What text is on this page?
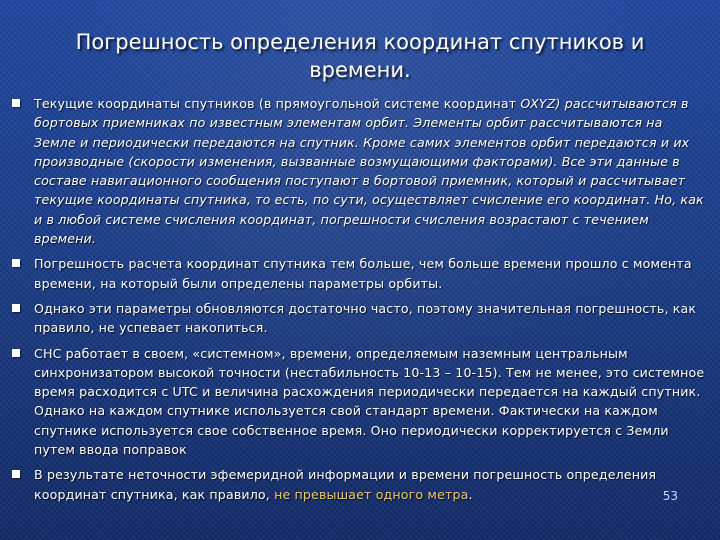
Погрешность определения координат спутников и времени.
Текущие координаты спутников (в прямоугольной системе координат OXYZ) рассчитываются в бортовых приемниках по известным элементам орбит. Элементы орбит рассчитываются на Земле и периодически передаются на спутник. Кроме самих элементов орбит передаются и их производные (скорости изменения, вызванные возмущающими факторами). Все эти данные в составе навигационного сообщения поступают в бортовой приемник, который и рассчитывает текущие координаты спутника, то есть, по сути, осуществляет счисление его координат. Но, как и в любой системе счисления координат, погрешности счисления возрастают с течением времени.
Погрешность расчета координат спутника тем больше, чем больше времени прошло с момента времени, на который были определены параметры орбиты.
Однако эти параметры обновляются достаточно часто, поэтому значительная погрешность, как правило, не успевает накопиться.
СНС работает в своем, «системном», времени, определяемым наземным центральным синхронизатором высокой точности (нестабильность 10-13 – 10-15). Тем не менее, это системное время расходится с UTC и величина расхождения периодически передается на каждый спутник. Однако на каждом спутнике используется свой стандарт времени. Фактически на каждом спутнике используется свое собственное время. Оно периодически корректируется с Земли путем ввода поправок
В результате неточности эфемеридной информации и времени погрешность определения координат спутника, как правило, не превышает одного метра.	53
